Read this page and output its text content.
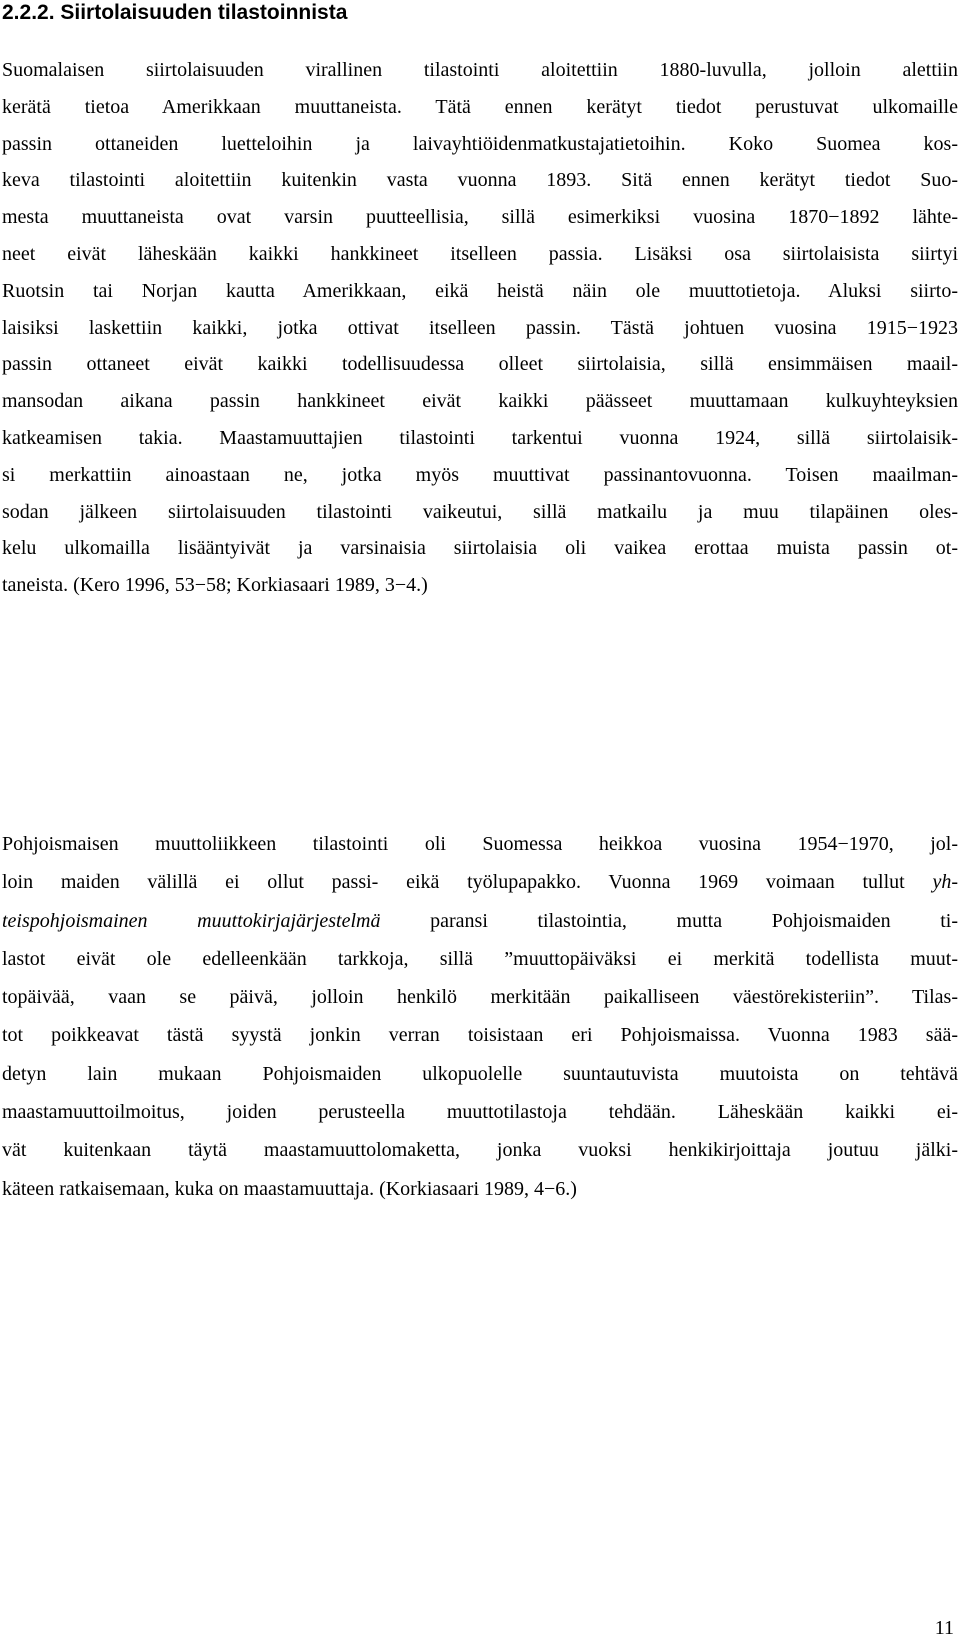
2.2.2. Siirtolaisuuden tilastoinnista
Suomalaisen siirtolaisuuden virallinen tilastointi aloitettiin 1880-luvulla, jolloin alettiin
kerätä tietoa Amerikkaan muuttaneista. Tätä ennen kerätyt tiedot perustuvat ulkomaille
passin ottaneiden luetteloihin ja laivayhtiöidenmatkustajatietoihin. Koko Suomea kos-
keva tilastointi aloitettiin kuitenkin vasta vuonna 1893. Sitä ennen kerätyt tiedot Suo-
mesta muuttaneista ovat varsin puutteellisia, sillä esimerkiksi vuosina 1870−1892 lähte-
neet eivät läheskään kaikki hankkineet itselleen passia. Lisäksi osa siirtolaisista siirtyi
Ruotsin tai Norjan kautta Amerikkaan, eikä heistä näin ole muuttotietoja. Aluksi siirto-
laisiksi laskettiin kaikki, jotka ottivat itselleen passin. Tästä johtuen vuosina 1915−1923
passin ottaneet eivät kaikki todellisuudessa olleet siirtolaisia, sillä ensimmäisen maail-
mansodan aikana passin hankkineet eivät kaikki päässeet muuttamaan kulkuyhteyksien
katkeamisen takia. Maastamuuttajien tilastointi tarkentui vuonna 1924, sillä siirtolaisik-
si merkattiin ainoastaan ne, jotka myös muuttivat passinantovuonna. Toisen maailman-
sodan jälkeen siirtolaisuuden tilastointi vaikeutui, sillä matkailu ja muu tilapäinen oles-
kelu ulkomailla lisääntyivät ja varsinaisia siirtolaisia oli vaikea erottaa muista passin ot-
taneista. (Kero 1996, 53−58; Korkiasaari 1989, 3−4.)
Pohjoismaisen muuttoliikkeen tilastointi oli Suomessa heikkoa vuosina 1954−1970, jol-
loin maiden välillä ei ollut passi- eikä työlupapakko. Vuonna 1969 voimaan tullut yh-
teispohjoismainen muuttokirjajärjestelmä paransi tilastointia, mutta Pohjoismaiden ti-
lastot eivät ole edelleenkään tarkkoja, sillä ”muuttopäiväksi ei merkitä todellista muut-
topäivää, vaan se päivä, jolloin henkilö merkitään paikalliseen väestörekisteriin”. Tilas-
tot poikkeavat tästä syystä jonkin verran toisistaan eri Pohjoismaissa. Vuonna 1983 sää-
detyn lain mukaan Pohjoismaiden ulkopuolelle suuntautuvista muutoista on tehtävä
maastamuuttoilmoitus, joiden perusteella muuttotilastoja tehdään. Läheskään kaikki ei-
vät kuitenkaan täytä maastamuuttolomaketta, jonka vuoksi henkikirjoittaja joutuu jälki-
käteen ratkaisemaan, kuka on maastamuuttaja. (Korkiasaari 1989, 4−6.)
11
